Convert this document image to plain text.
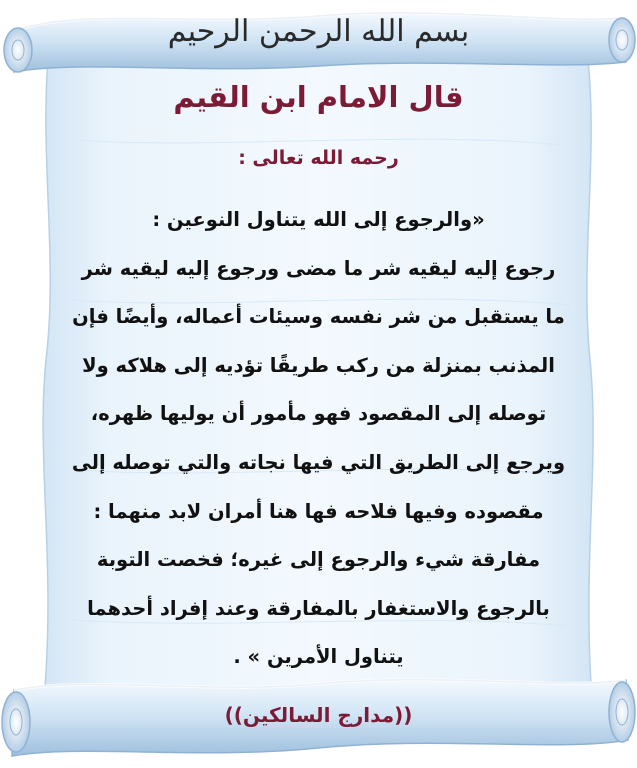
بسم الله الرحمن الرحيم
قال الامام ابن القيم
رحمه الله تعالى :
«والرجوع إلى الله يتناول النوعين :
رجوع إليه ليقيه شر ما مضى ورجوع إليه ليقيه شر
ما يستقبل من شر نفسه وسيئات أعماله، وأيضًا فإن
المذنب بمنزلة من ركب طريقًا تؤديه إلى هلاكه ولا
توصله إلى المقصود فهو مأمور أن يوليها ظهره،
ويرجع إلى الطريق التي فيها نجاته والتي توصله إلى
مقصوده وفيها فلاحه فها هنا أمران لابد منهما :
مفارقة شيء والرجوع إلى غيره؛ فخصت التوبة
بالرجوع والاستغفار بالمفارقة وعند إفراد أحدهما
يتناول الأمرين » .
((مدارج السالكين))
